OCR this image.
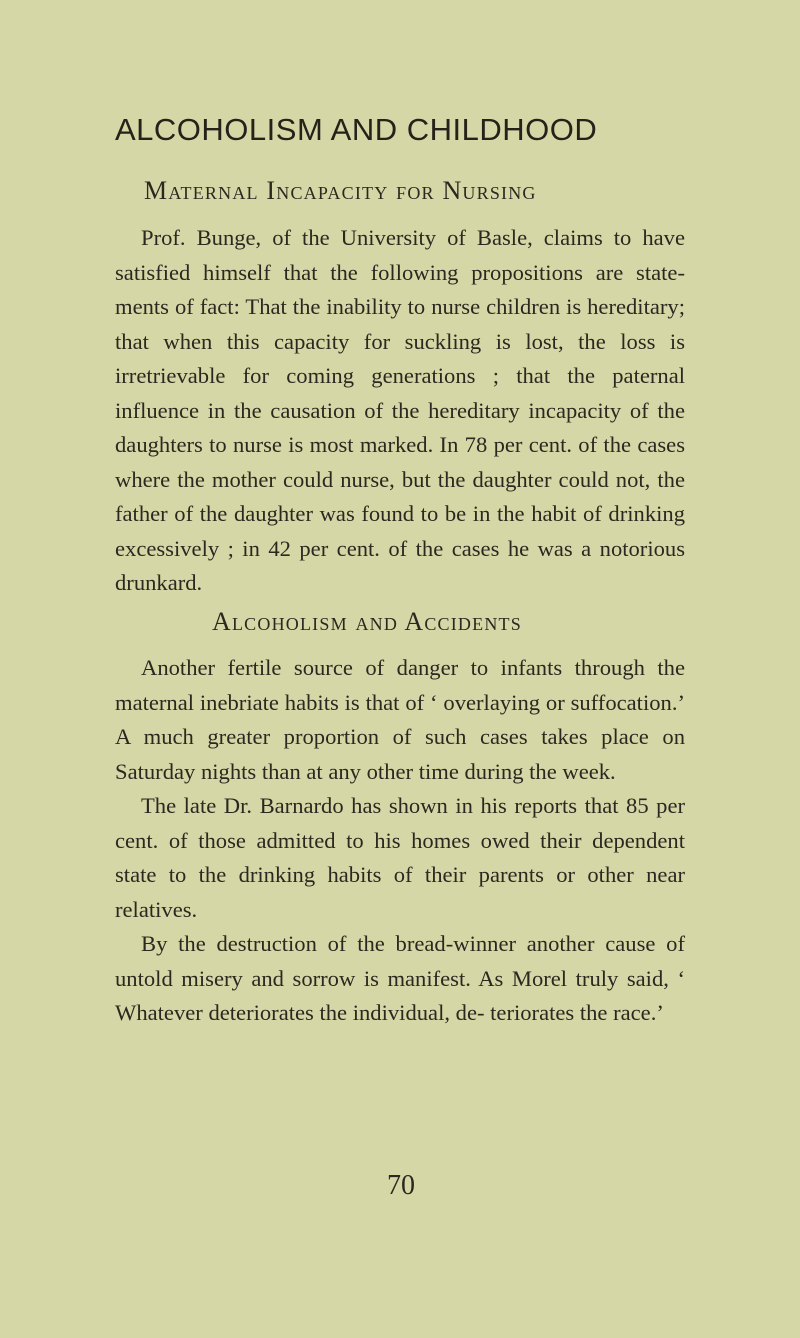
ALCOHOLISM AND CHILDHOOD
Maternal Incapacity for Nursing

Prof. Bunge, of the University of Basle, claims to have satisfied himself that the following propositions are state- ments of fact: That the inability to nurse children is hereditary; that when this capacity for suckling is lost, the loss is irretrievable for coming generations ; that the paternal influence in the causation of the hereditary incapacity of the daughters to nurse is most marked. In 78 per cent. of the cases where the mother could nurse, but the daughter could not, the father of the daughter was found to be in the habit of drinking excessively ; in 42 per cent. of the cases he was a notorious drunkard.

Alcoholism and Accidents

Another fertile source of danger to infants through the maternal inebriate habits is that of ‘ overlaying or suffocation.’ A much greater proportion of such cases takes place on Saturday nights than at any other time during the week.

The late Dr. Barnardo has shown in his reports that 85 per cent. of those admitted to his homes owed their dependent state to the drinking habits of their parents or other near relatives.

By the destruction of the bread-winner another cause of untold misery and sorrow is manifest. As Morel truly said, ‘ Whatever deteriorates the individual, de- teriorates the race.’

70
